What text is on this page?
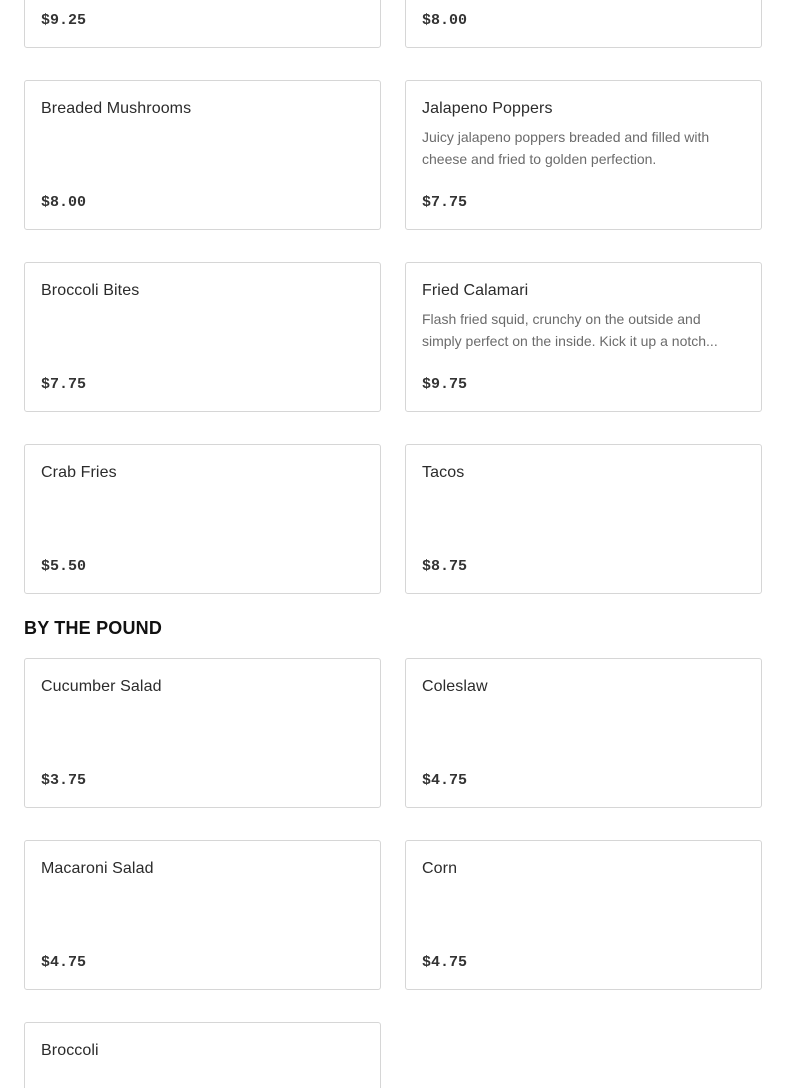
$9.25	$8.00
Breaded Mushrooms
$8.00
Jalapeno Poppers
Juicy jalapeno poppers breaded and filled with cheese and fried to golden perfection.
$7.75
Broccoli Bites
$7.75
Fried Calamari
Flash fried squid, crunchy on the outside and simply perfect on the inside. Kick it up a notch...
$9.75
Crab Fries
$5.50
Tacos
$8.75
BY THE POUND
Cucumber Salad
$3.75
Coleslaw
$4.75
Macaroni Salad
$4.75
Corn
$4.75
Broccoli
